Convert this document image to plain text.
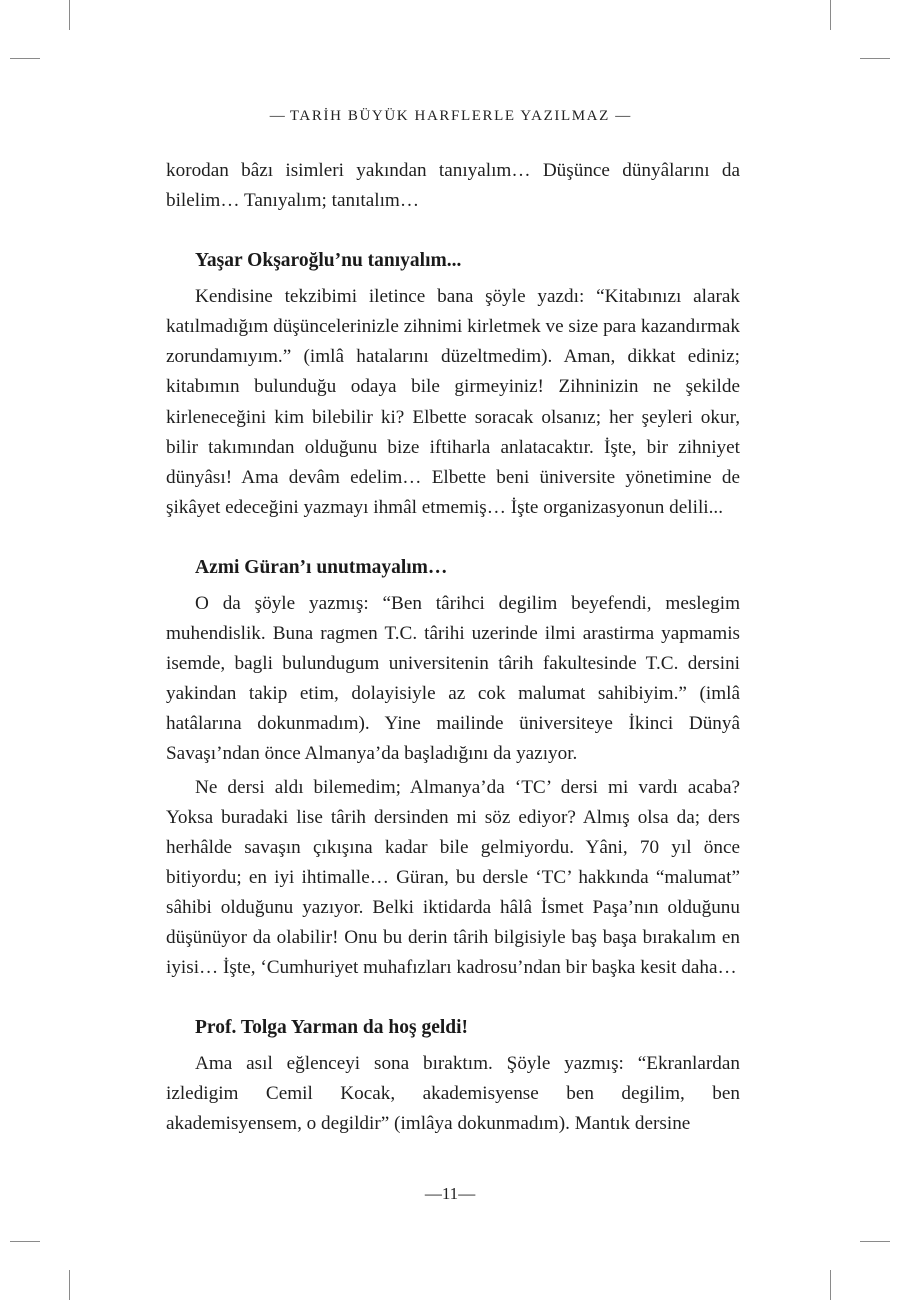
— TARİH BÜYÜK HARFLERLE YAZILMAZ —

korodan bâzı isimleri yakından tanıyalım… Düşünce dünyâlarını da bilelim… Tanıyalım; tanıtalım…

Yaşar Okşaroğlu’nu tanıyalım...

Kendisine tekzibimi iletince bana şöyle yazdı: “Kitabınızı alarak katılmadığım düşüncelerinizle zihnimi kirletmek ve size para kazandırmak zorundamıyım.” (imlâ hatalarını düzeltmedim). Aman, dikkat ediniz; kitabımın bulunduğu odaya bile girmeyiniz! Zihninizin ne şekilde kirleneceğini kim bilebilir ki? Elbette soracak olsanız; her şeyleri okur, bilir takımından olduğunu bize iftiharla anlatacaktır. İşte, bir zihniyet dünyâsı! Ama devâm edelim… Elbette beni üniversite yönetimine de şikâyet edeceğini yazmayı ihmâl etmemiş… İşte organizasyonun delili...

Azmi Güran’ı unutmayalım…

O da şöyle yazmış: “Ben târihci degilim beyefendi, meslegim muhendislik. Buna ragmen T.C. târihi uzerinde ilmi arastirma yapmamis isemde, bagli bulundugum universitenin târih fakultesinde T.C. dersini yakindan takip etim, dolayisiyle az cok malumat sahibiyim.” (imlâ hatâlarına dokunmadım). Yine mailinde üniversiteye İkinci Dünyâ Savaşı’ndan önce Almanya’da başladığını da yazıyor.

Ne dersi aldı bilemedim; Almanya’da ‘TC’ dersi mi vardı acaba? Yoksa buradaki lise târih dersinden mi söz ediyor? Almış olsa da; ders herhâlde savaşın çıkışına kadar bile gelmiyordu. Yâni, 70 yıl önce bitiyordu; en iyi ihtimalle… Güran, bu dersle ‘TC’ hakkında “malumat” sâhibi olduğunu yazıyor. Belki iktidarda hâlâ İsmet Paşa’nın olduğunu düşünüyor da olabilir! Onu bu derin târih bilgisiyle baş başa bırakalım en iyisi… İşte, ‘Cumhuriyet muhafızları kadrosu’ndan bir başka kesit daha…

Prof. Tolga Yarman da hoş geldi!

Ama asıl eğlenceyi sona bıraktım. Şöyle yazmış: “Ekranlardan izledigim Cemil Kocak, akademisyense ben degilim, ben akademisyensem, o degildir” (imlâya dokunmadım). Mantık dersine

—11—
